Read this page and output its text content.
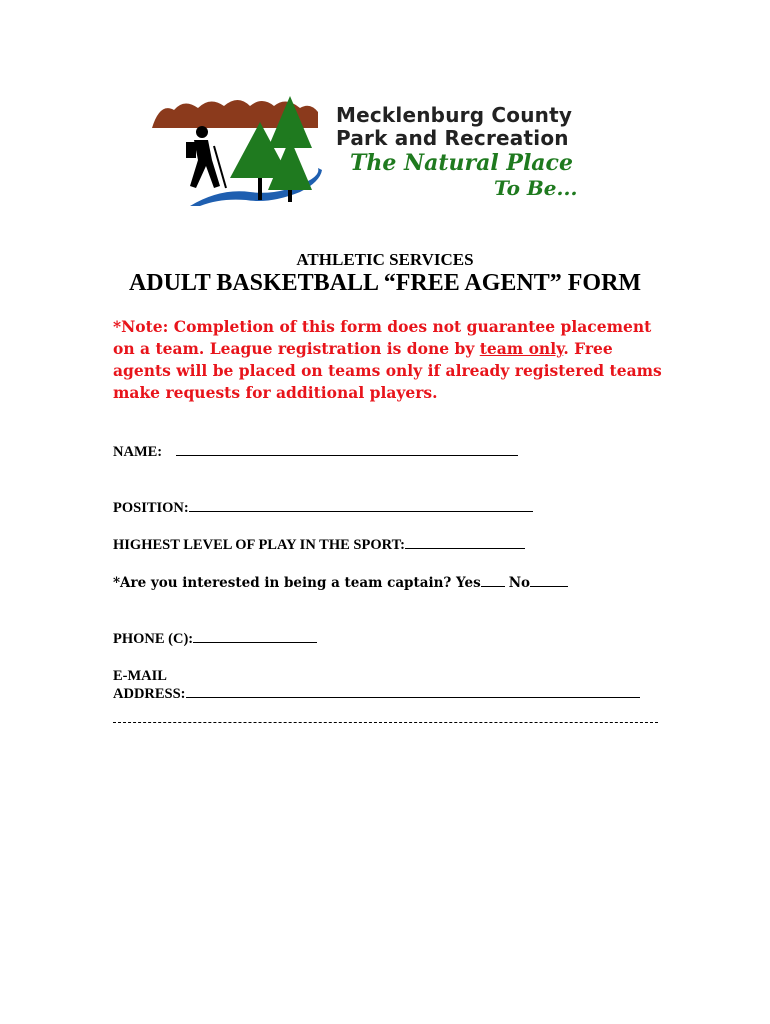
Mecklenburg County
Park and Recreation
The Natural Place
To Be...
ATHLETIC SERVICES
ADULT BASKETBALL “FREE AGENT” FORM
*Note: Completion of this form does not guarantee placement on a team. League registration is done by team only. Free agents will be placed on teams only if already registered teams make requests for additional players.
NAME:
POSITION:
HIGHEST LEVEL OF PLAY IN THE SPORT:
*Are you interested in being a team captain? Yes No
PHONE (C):
E-MAIL
ADDRESS:
